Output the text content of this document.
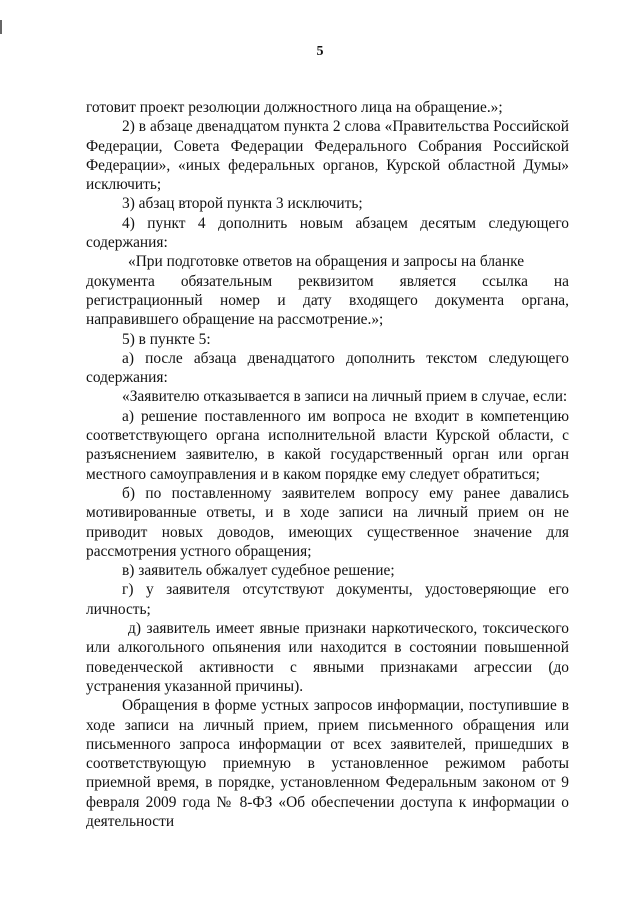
5

готовит проект резолюции должностного лица на обращение.»;

2) в абзаце двенадцатом пункта 2 слова «Правительства Российской Федерации, Совета Федерации Федерального Собрания Российской Федерации», «иных федеральных органов, Курской областной Думы» исключить;

3) абзац второй пункта 3 исключить;

4) пункт 4 дополнить новым абзацем десятым следующего содержания:

«При подготовке ответов на обращения и запросы на бланке

документа обязательным реквизитом является ссылка на

регистрационный номер и дату входящего документа органа, направившего обращение на рассмотрение.»;

5) в пункте 5:

а) после абзаца двенадцатого дополнить текстом следующего содержания:

«Заявителю отказывается в записи на личный прием в случае, если:

а) решение поставленного им вопроса не входит в компетенцию соответствующего органа исполнительной власти Курской области, с разъяснением заявителю, в какой государственный орган или орган местного самоуправления и в каком порядке ему следует обратиться;

б) по поставленному заявителем вопросу ему ранее давались мотивированные ответы, и в ходе записи на личный прием он не приводит новых доводов, имеющих существенное значение для рассмотрения устного обращения;

в) заявитель обжалует судебное решение;

г) у заявителя отсутствуют документы, удостоверяющие его личность;

д) заявитель имеет явные признаки наркотического, токсического или алкогольного опьянения или находится в состоянии повышенной поведенческой активности с явными признаками агрессии (до устранения указанной причины).

Обращения в форме устных запросов информации, поступившие в ходе записи на личный прием, прием письменного обращения или письменного запроса информации от всех заявителей, пришедших в соответствующую приемную в установленное режимом работы приемной время, в порядке, установленном Федеральным законом от 9 февраля 2009 года № 8-ФЗ «Об обеспечении доступа к информации о деятельности
